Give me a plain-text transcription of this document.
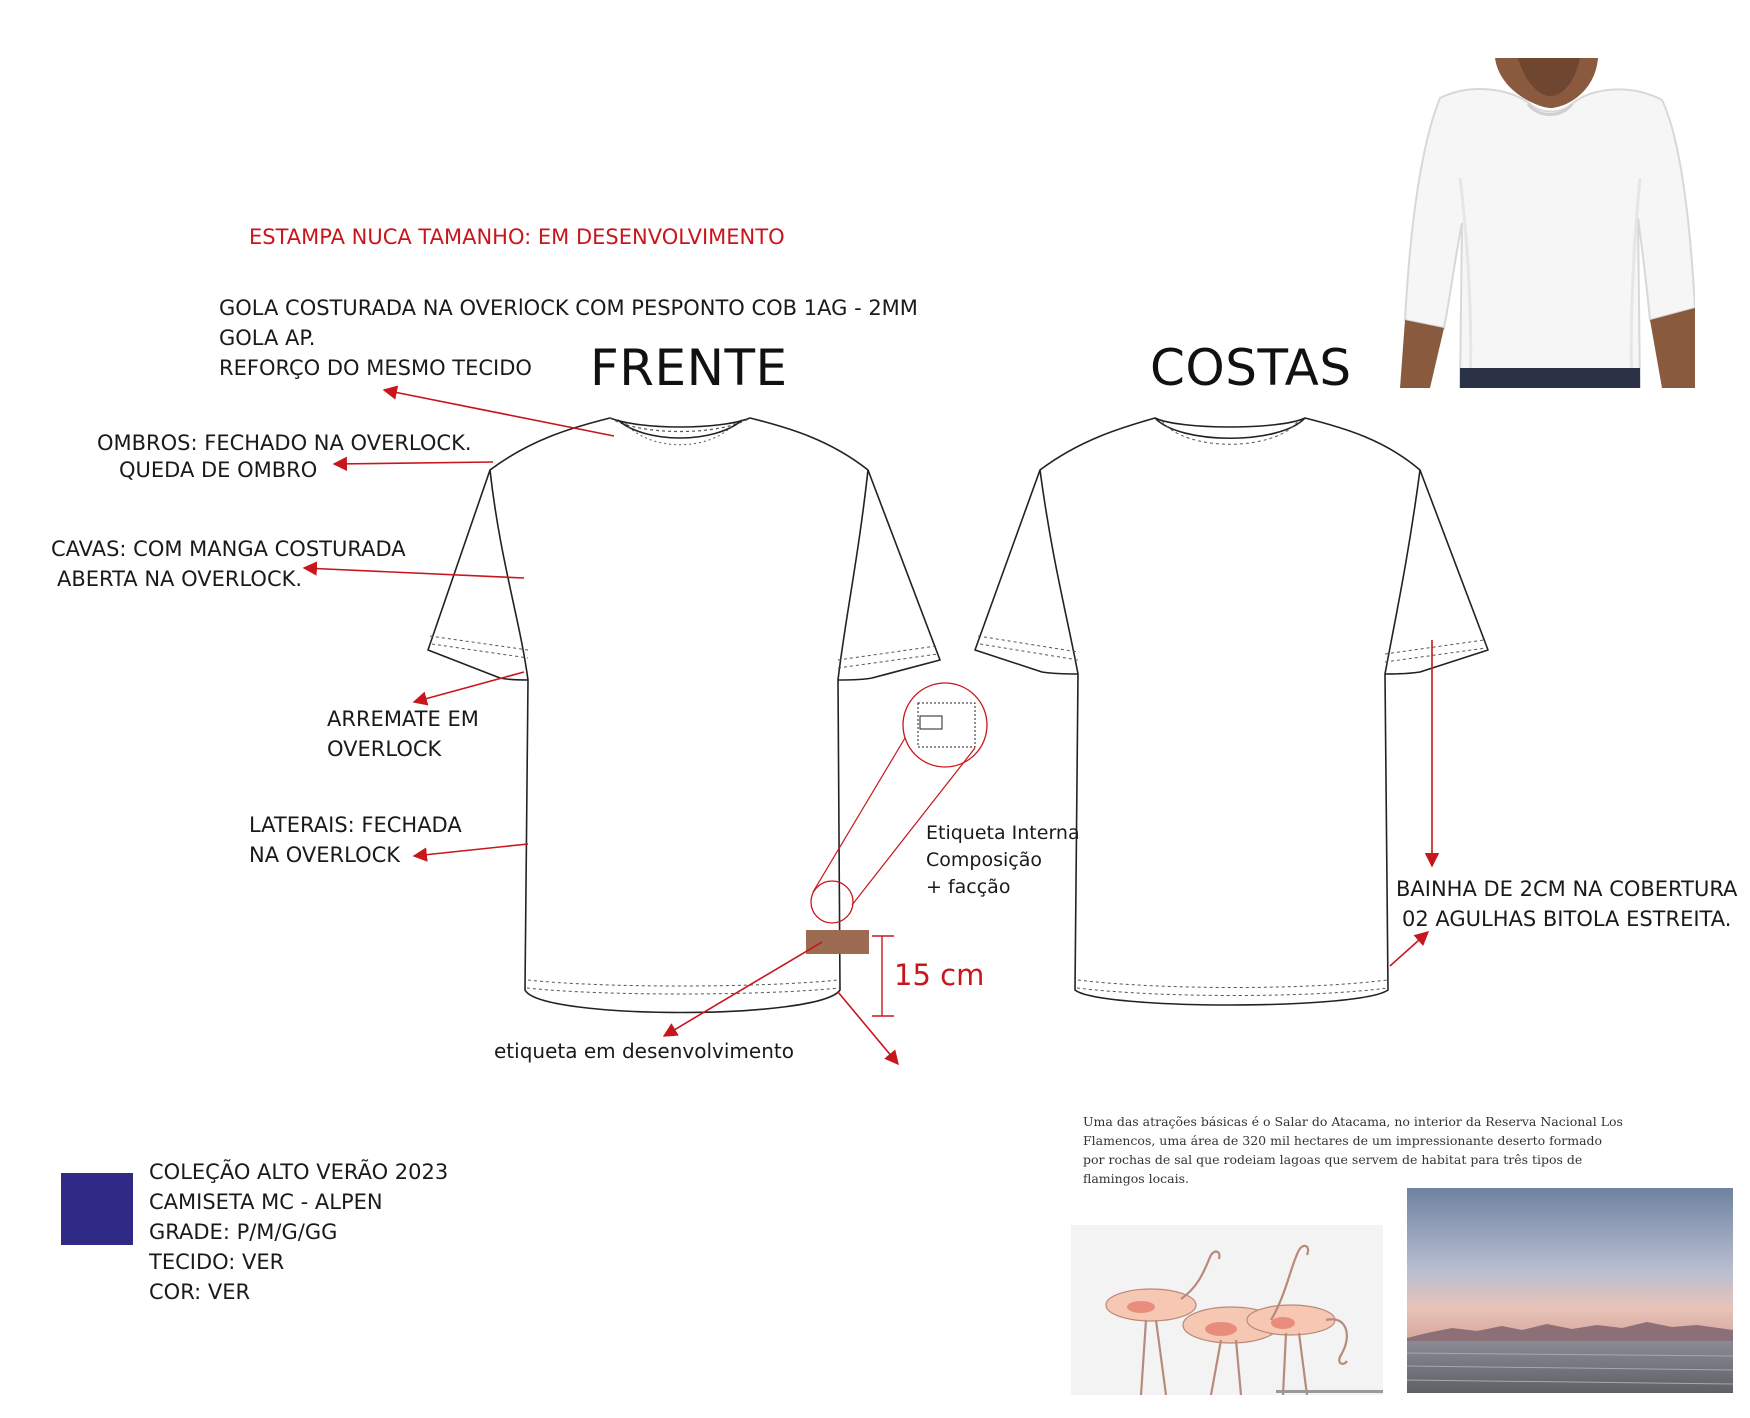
ESTAMPA NUCA TAMANHO: EM DESENVOLVIMENTO
FRENTE	COSTAS
GOLA COSTURADA NA OVERlOCK COM PESPONTO COB 1AG - 2MM
GOLA AP.
REFORÇO DO MESMO TECIDO
OMBROS: FECHADO NA OVERLOCK.
QUEDA DE OMBRO
CAVAS: COM MANGA COSTURADA
ABERTA NA OVERLOCK.
ARREMATE EM
OVERLOCK
LATERAIS: FECHADA
NA OVERLOCK
Etiqueta Interna
Composição
+ facção
15 cm
etiqueta em desenvolvimento
BAINHA DE 2CM NA COBERTURA
02 AGULHAS BITOLA ESTREITA.
COLEÇÃO ALTO VERÃO 2023
CAMISETA MC - ALPEN
GRADE: P/M/G/GG
TECIDO: VER
COR: VER
Uma das atrações básicas é o Salar do Atacama, no interior da Reserva Nacional Los Flamencos, uma área de 320 mil hectares de um impressionante deserto formado por rochas de sal que rodeiam lagoas que servem de habitat para três tipos de flamingos locais.
